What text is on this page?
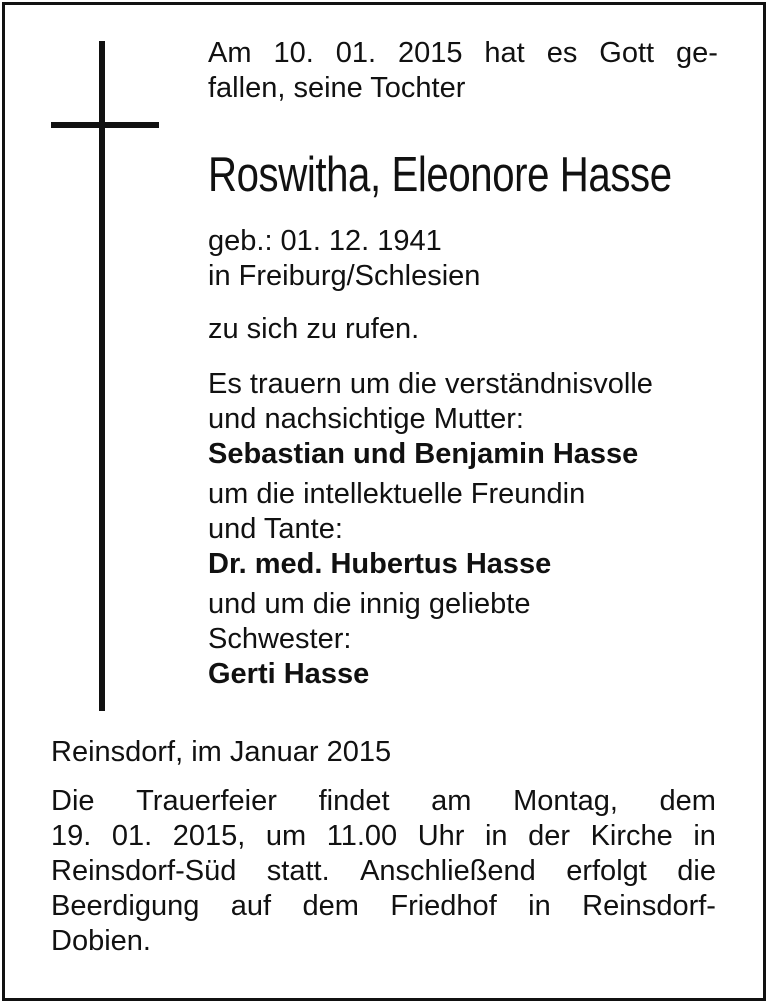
Am 10. 01. 2015 hat es Gott ge-
fallen, seine Tochter
Roswitha, Eleonore Hasse
geb.: 01. 12. 1941
in Freiburg/Schlesien
zu sich zu rufen.
Es trauern um die verständnisvolle
und nachsichtige Mutter:
Sebastian und Benjamin Hasse
um die intellektuelle Freundin
und Tante:
Dr. med. Hubertus Hasse
und um die innig geliebte
Schwester:
Gerti Hasse
Reinsdorf, im Januar 2015
Die Trauerfeier findet am Montag, dem
19. 01. 2015, um 11.00 Uhr in der Kirche in
Reinsdorf-Süd statt. Anschließend erfolgt die
Beerdigung auf dem Friedhof in Reinsdorf-
Dobien.
